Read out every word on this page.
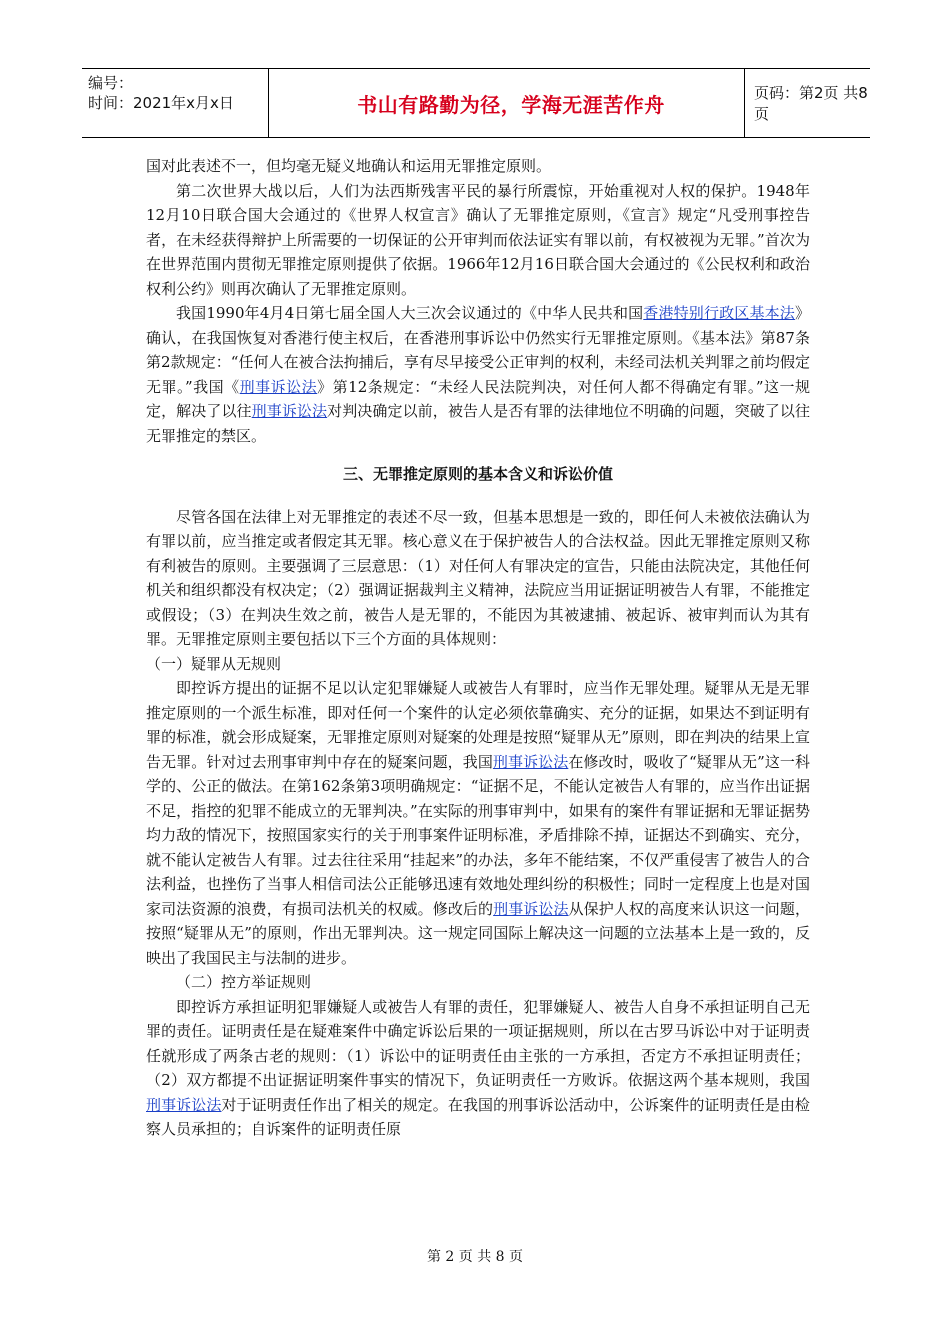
编号：
时间：2021年x月x日	书山有路勤为径，学海无涯苦作舟	页码：第2页 共8页

国对此表述不一，但均毫无疑义地确认和运用无罪推定原则。

第二次世界大战以后，人们为法西斯残害平民的暴行所震惊，开始重视对人权的保护。1948年12月10日联合国大会通过的《世界人权宣言》确认了无罪推定原则，《宣言》规定“凡受刑事控告者，在未经获得辩护上所需要的一切保证的公开审判而依法证实有罪以前，有权被视为无罪。”首次为在世界范围内贯彻无罪推定原则提供了依据。1966年12月16日联合国大会通过的《公民权利和政治权利公约》则再次确认了无罪推定原则。

我国1990年4月4日第七届全国人大三次会议通过的《中华人民共和国香港特别行政区基本法》确认，在我国恢复对香港行使主权后，在香港刑事诉讼中仍然实行无罪推定原则。《基本法》第87条第2款规定：“任何人在被合法拘捕后，享有尽早接受公正审判的权利，未经司法机关判罪之前均假定无罪。”我国《刑事诉讼法》第12条规定：“未经人民法院判决，对任何人都不得确定有罪。”这一规定，解决了以往刑事诉讼法对判决确定以前，被告人是否有罪的法律地位不明确的问题，突破了以往无罪推定的禁区。

三、无罪推定原则的基本含义和诉讼价值

尽管各国在法律上对无罪推定的表述不尽一致，但基本思想是一致的，即任何人未被依法确认为有罪以前，应当推定或者假定其无罪。核心意义在于保护被告人的合法权益。因此无罪推定原则又称有利被告的原则。主要强调了三层意思：（1）对任何人有罪决定的宣告，只能由法院决定，其他任何机关和组织都没有权决定；（2）强调证据裁判主义精神，法院应当用证据证明被告人有罪，不能推定或假设；（3）在判决生效之前，被告人是无罪的，不能因为其被逮捕、被起诉、被审判而认为其有罪。无罪推定原则主要包括以下三个方面的具体规则：

（一）疑罪从无规则

即控诉方提出的证据不足以认定犯罪嫌疑人或被告人有罪时，应当作无罪处理。疑罪从无是无罪推定原则的一个派生标准，即对任何一个案件的认定必须依靠确实、充分的证据，如果达不到证明有罪的标准，就会形成疑案，无罪推定原则对疑案的处理是按照“疑罪从无”原则，即在判决的结果上宣告无罪。针对过去刑事审判中存在的疑案问题，我国刑事诉讼法在修改时，吸收了“疑罪从无”这一科学的、公正的做法。在第162条第3项明确规定：“证据不足，不能认定被告人有罪的，应当作出证据不足，指控的犯罪不能成立的无罪判决。”在实际的刑事审判中，如果有的案件有罪证据和无罪证据势均力敌的情况下，按照国家实行的关于刑事案件证明标准，矛盾排除不掉，证据达不到确实、充分，就不能认定被告人有罪。过去往往采用“挂起来”的办法，多年不能结案，不仅严重侵害了被告人的合法利益，也挫伤了当事人相信司法公正能够迅速有效地处理纠纷的积极性；同时一定程度上也是对国家司法资源的浪费，有损司法机关的权威。修改后的刑事诉讼法从保护人权的高度来认识这一问题，按照“疑罪从无”的原则，作出无罪判决。这一规定同国际上解决这一问题的立法基本上是一致的，反映出了我国民主与法制的进步。

（二）控方举证规则

即控诉方承担证明犯罪嫌疑人或被告人有罪的责任，犯罪嫌疑人、被告人自身不承担证明自己无罪的责任。证明责任是在疑难案件中确定诉讼后果的一项证据规则，所以在古罗马诉讼中对于证明责任就形成了两条古老的规则：（1）诉讼中的证明责任由主张的一方承担，否定方不承担证明责任；（2）双方都提不出证据证明案件事实的情况下，负证明责任一方败诉。依据这两个基本规则，我国刑事诉讼法对于证明责任作出了相关的规定。在我国的刑事诉讼活动中，公诉案件的证明责任是由检察人员承担的；自诉案件的证明责任原

第 2 页 共 8 页
